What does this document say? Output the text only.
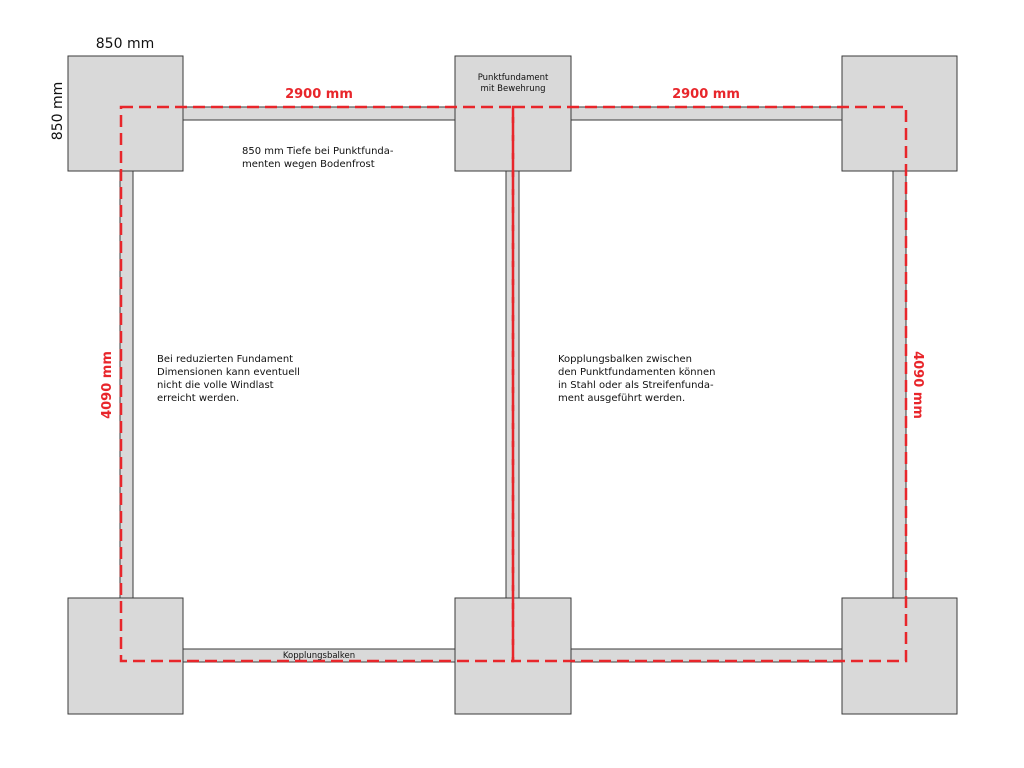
850 mm
850 mm	2900 mm	2900 mm
4090 mm	4090 mm
Punktfundament
mit Bewehrung
Kopplungsbalken
850 mm Tiefe bei Punktfunda-
menten wegen Bodenfrost
Bei reduzierten Fundament
Dimensionen kann eventuell
nicht die volle Windlast
erreicht werden.
Kopplungsbalken zwischen
den Punktfundamenten können
in Stahl oder als Streifenfunda-
ment ausgeführt werden.
